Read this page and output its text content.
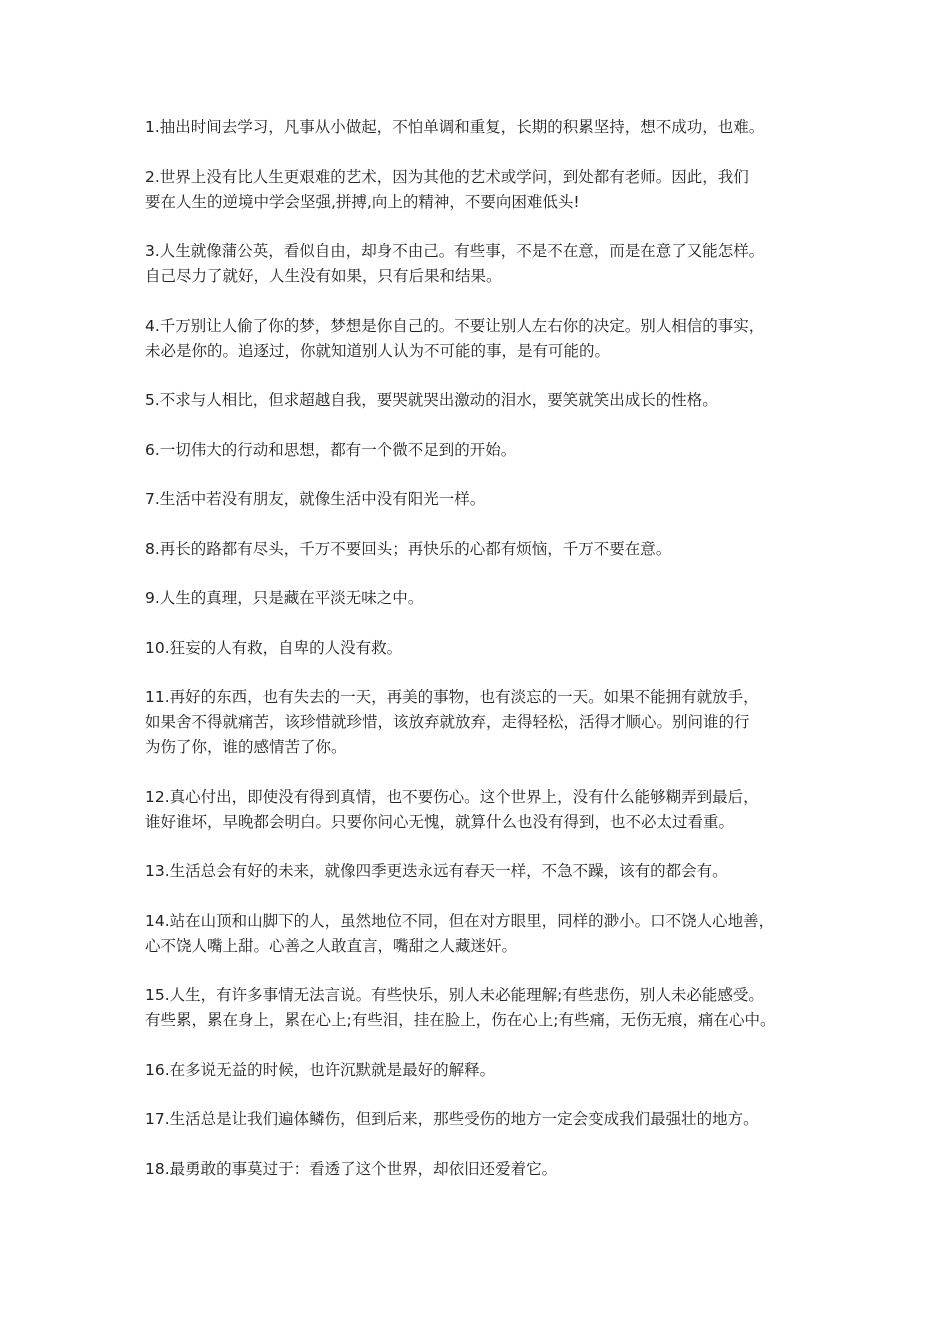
1.抽出时间去学习，凡事从小做起，不怕单调和重复，长期的积累坚持，想不成功，也难。

2.世界上没有比人生更艰难的艺术，因为其他的艺术或学问，到处都有老师。因此，我们
要在人生的逆境中学会坚强,拼搏,向上的精神，不要向困难低头!

3.人生就像蒲公英，看似自由，却身不由己。有些事，不是不在意，而是在意了又能怎样。
自己尽力了就好，人生没有如果，只有后果和结果。

4.千万别让人偷了你的梦，梦想是你自己的。不要让别人左右你的决定。别人相信的事实，
未必是你的。追逐过，你就知道别人认为不可能的事，是有可能的。

5.不求与人相比，但求超越自我，要哭就哭出激动的泪水，要笑就笑出成长的性格。

6.一切伟大的行动和思想，都有一个微不足到的开始。

7.生活中若没有朋友，就像生活中没有阳光一样。

8.再长的路都有尽头，千万不要回头；再快乐的心都有烦恼，千万不要在意。

9.人生的真理，只是藏在平淡无味之中。

10.狂妄的人有救，自卑的人没有救。

11.再好的东西，也有失去的一天，再美的事物，也有淡忘的一天。如果不能拥有就放手，
如果舍不得就痛苦，该珍惜就珍惜，该放弃就放弃，走得轻松，活得才顺心。别问谁的行
为伤了你，谁的感情苦了你。

12.真心付出，即使没有得到真情，也不要伤心。这个世界上，没有什么能够糊弄到最后，
谁好谁坏，早晚都会明白。只要你问心无愧，就算什么也没有得到，也不必太过看重。

13.生活总会有好的未来，就像四季更迭永远有春天一样，不急不躁，该有的都会有。

14.站在山顶和山脚下的人，虽然地位不同，但在对方眼里，同样的渺小。口不饶人心地善，
心不饶人嘴上甜。心善之人敢直言，嘴甜之人藏迷奸。

15.人生，有许多事情无法言说。有些快乐，别人未必能理解;有些悲伤，别人未必能感受。
有些累，累在身上，累在心上;有些泪，挂在脸上，伤在心上;有些痛，无伤无痕，痛在心中。

16.在多说无益的时候，也许沉默就是最好的解释。

17.生活总是让我们遍体鳞伤，但到后来，那些受伤的地方一定会变成我们最强壮的地方。

18.最勇敢的事莫过于：看透了这个世界，却依旧还爱着它。
